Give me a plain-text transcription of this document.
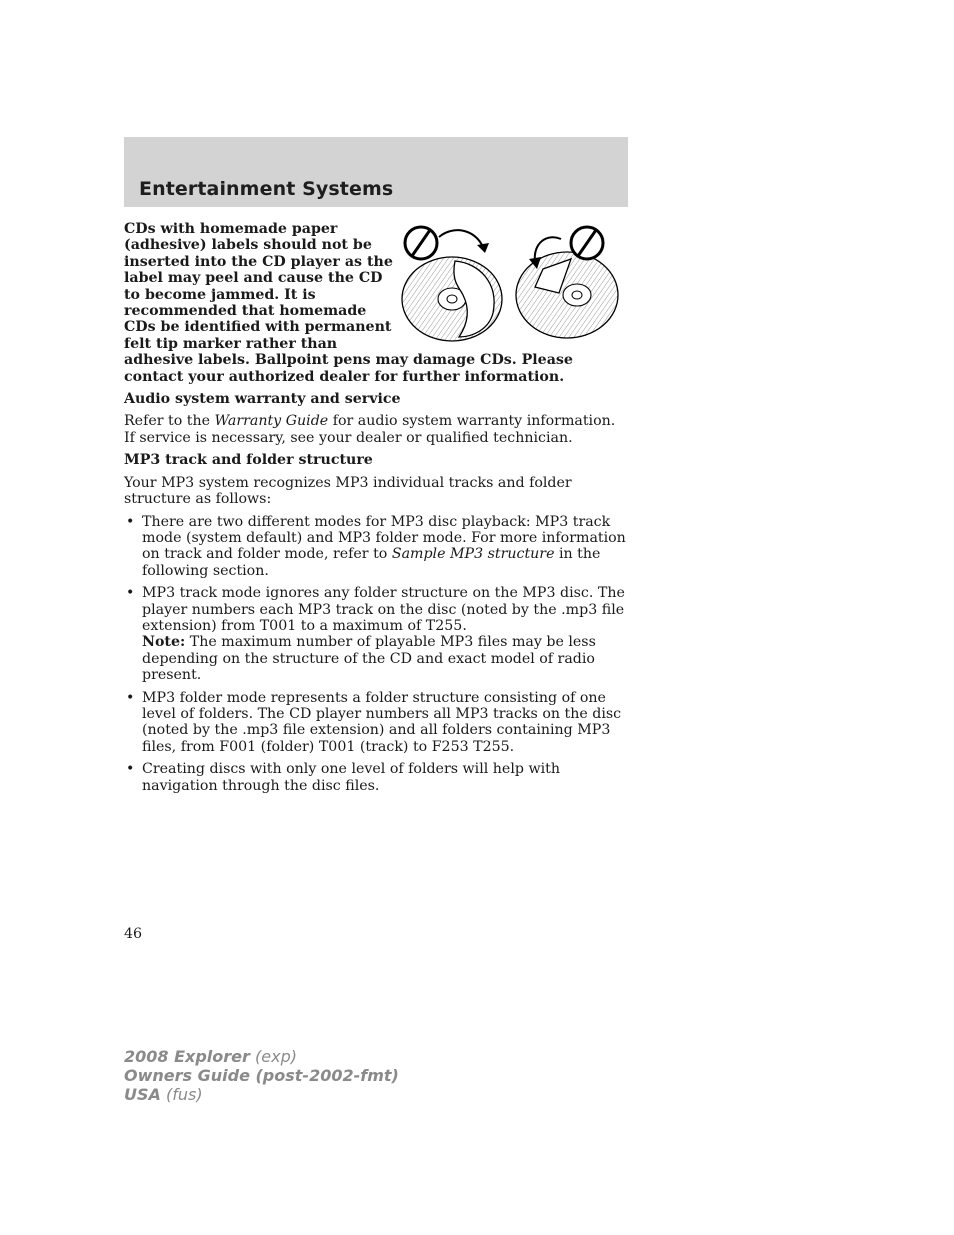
Entertainment Systems

CDs with homemade paper (adhesive) labels should not be inserted into the CD player as the label may peel and cause the CD to become jammed. It is recommended that homemade CDs be identified with permanent felt tip marker rather than adhesive labels. Ballpoint pens may damage CDs. Please contact your authorized dealer for further information.

Audio system warranty and service

Refer to the Warranty Guide for audio system warranty information. If service is necessary, see your dealer or qualified technician.

MP3 track and folder structure

Your MP3 system recognizes MP3 individual tracks and folder structure as follows:

• There are two different modes for MP3 disc playback: MP3 track mode (system default) and MP3 folder mode. For more information on track and folder mode, refer to Sample MP3 structure in the following section.
• MP3 track mode ignores any folder structure on the MP3 disc. The player numbers each MP3 track on the disc (noted by the .mp3 file extension) from T001 to a maximum of T255.
Note: The maximum number of playable MP3 files may be less depending on the structure of the CD and exact model of radio present.
• MP3 folder mode represents a folder structure consisting of one level of folders. The CD player numbers all MP3 tracks on the disc (noted by the .mp3 file extension) and all folders containing MP3 files, from F001 (folder) T001 (track) to F253 T255.
• Creating discs with only one level of folders will help with navigation through the disc files.

46

2008 Explorer (exp)
Owners Guide (post-2002-fmt)
USA (fus)
